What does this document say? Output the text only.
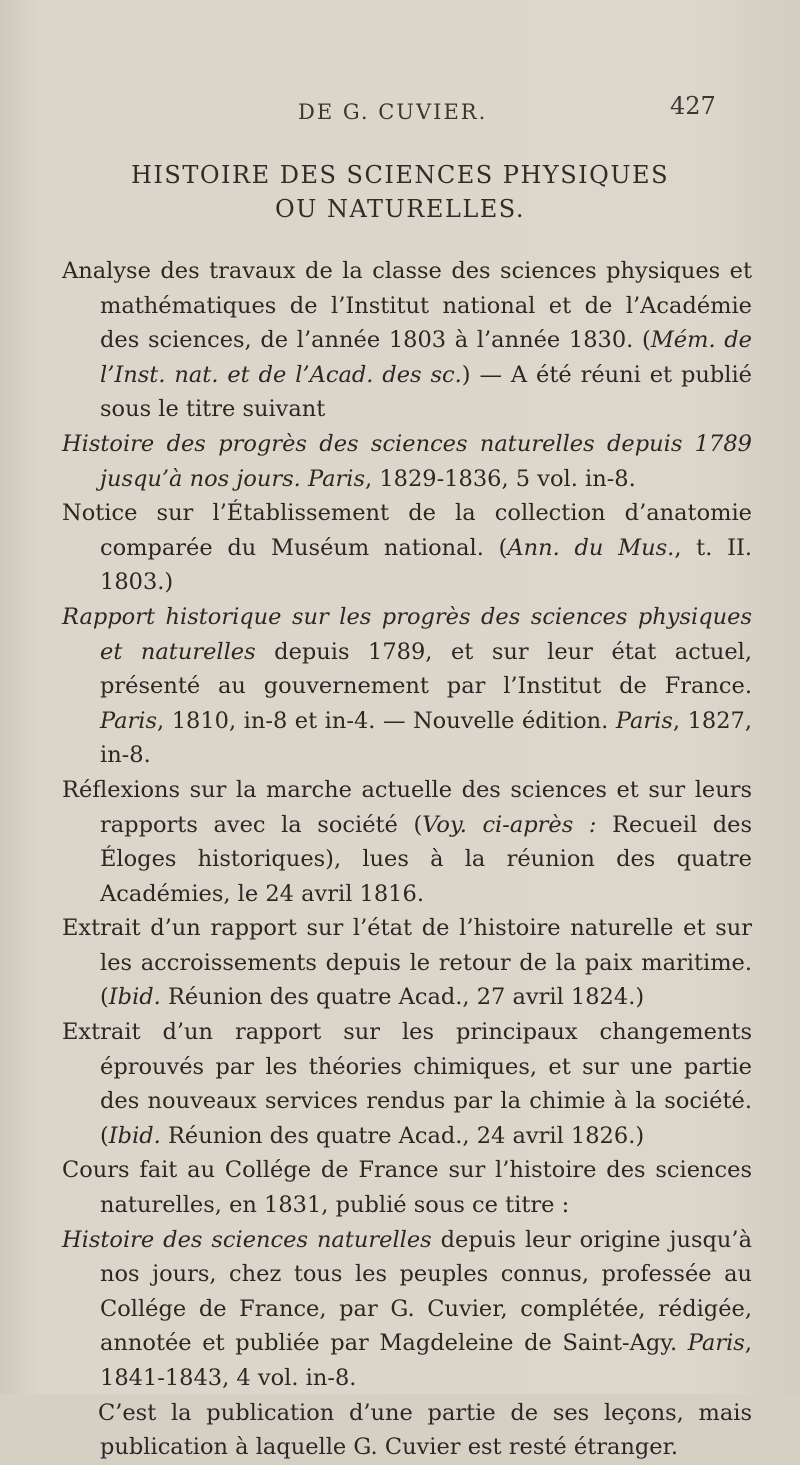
DE G. CUVIER.	427
HISTOIRE DES SCIENCES PHYSIQUES
OU NATURELLES.

Analyse des travaux de la classe des sciences physiques et mathématiques de l’Institut national et de l’Académie des sciences, de l’année 1803 à l’année 1830. (Mém. de l’Inst. nat. et de l’Acad. des sc.) — A été réuni et publié sous le titre suivant

Histoire des progrès des sciences naturelles depuis 1789 jusqu’à nos jours. Paris, 1829-1836, 5 vol. in-8.

Notice sur l’Établissement de la collection d’anatomie comparée du Muséum national. (Ann. du Mus., t. II. 1803.)

Rapport historique sur les progrès des sciences physiques et naturelles depuis 1789, et sur leur état actuel, présenté au gouvernement par l’Institut de France. Paris, 1810, in-8 et in-4. — Nouvelle édition. Paris, 1827, in-8.

Réflexions sur la marche actuelle des sciences et sur leurs rapports avec la société (Voy. ci-après : Recueil des Éloges historiques), lues à la réunion des quatre Académies, le 24 avril 1816.

Extrait d’un rapport sur l’état de l’histoire naturelle et sur les accroissements depuis le retour de la paix maritime. (Ibid. Réunion des quatre Acad., 27 avril 1824.)

Extrait d’un rapport sur les principaux changements éprouvés par les théories chimiques, et sur une partie des nouveaux services rendus par la chimie à la société. (Ibid. Réunion des quatre Acad., 24 avril 1826.)

Cours fait au Collége de France sur l’histoire des sciences naturelles, en 1831, publié sous ce titre :

Histoire des sciences naturelles depuis leur origine jusqu’à nos jours, chez tous les peuples connus, professée au Collége de France, par G. Cuvier, complétée, rédigée, annotée et publiée par Magdeleine de Saint-Agy. Paris, 1841-1843, 4 vol. in-8.

C’est la publication d’une partie de ses leçons, mais publication à laquelle G. Cuvier est resté étranger.
